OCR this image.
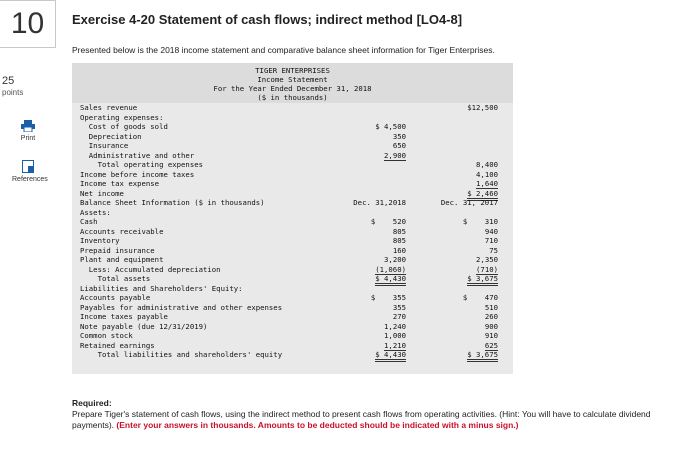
10
25
points
Print
References
Exercise 4-20 Statement of cash flows; indirect method [LO4-8]
Presented below is the 2018 income statement and comparative balance sheet information for Tiger Enterprises.
TIGER ENTERPRISES
Income Statement
For the Year Ended December 31, 2018
($ in thousands)
Sales revenue	$12,500
Operating expenses:
Cost of goods sold	$ 4,500
Depreciation	350
Insurance	650
Administrative and other	2,900
Total operating expenses	8,400
Income before income taxes	4,100
Income tax expense	1,640
Net income	$ 2,460
Balance Sheet Information ($ in thousands)	Dec. 31,2018	Dec. 31, 2017
Assets:
Cash	$    520	$    310
Accounts receivable	805	940
Inventory	805	710
Prepaid insurance	160	75
Plant and equipment	3,200	2,350
Less: Accumulated depreciation	(1,060)	(710)
Total assets	$ 4,430	$ 3,675
Liabilities and Shareholders' Equity:
Accounts payable	$    355	$    470
Payables for administrative and other expenses	355	510
Income taxes payable	270	260
Note payable (due 12/31/2019)	1,240	900
Common stock	1,000	910
Retained earnings	1,210	625
Total liabilities and shareholders' equity	$ 4,430	$ 3,675
Required:
Prepare Tiger's statement of cash flows, using the indirect method to present cash flows from operating activities. (Hint: You will have to calculate dividend payments). (Enter your answers in thousands. Amounts to be deducted should be indicated with a minus sign.)
